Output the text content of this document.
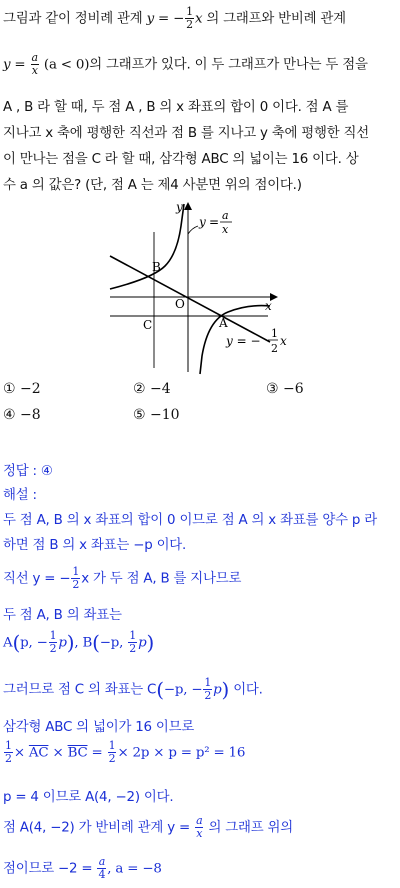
그림과 같이 정비례 관계 y = − $\frac{1}{2}$ x 의 그래프와 반비례 관계
$y = \frac{a}{x} (a < 0)$의 그래프가 있다. 이 두 그래프가 만나는 두 점을
A , B 라 할 때, 두 점 A , B 의 x 좌표의 합이 0 이다. 점 A 를
지나고 x 축에 평행한 직선과 점 B 를 지나고 y 축에 평행한 직선
이 만나는 점을 C 라 할 때, 삼각형 ABC 의 넓이는 16 이다. 상
수 a 의 값은? (단, 점 A 는 제4 사분면 위의 점이다.)
y
x
O
B
C	A
y = a
x
y = −
1
2
x
① −2	② −4	③ −6
④ −8	⑤ −10
정답 : ④
해설 :
두 점 A, B 의 x 좌표의 합이 0 이므로 점 A 의 x 좌표를 양수 p 라
하면 점 B 의 x 좌표는 −p 이다.
직선 y = − $\frac{1}{2}$ x 가 두 점 A, B 를 지나므로
두 점 A, B 의 좌표는
A(p, − $\frac{1}{2} p$), B(−p, $\frac{1}{2} p$)
그러므로 점 C 의 좌표는 C(−p, − $\frac{1}{2} p$) 이다.
삼각형 ABC 의 넓이가 16 이므로
$\frac{1}{2} \times \overline{AC} \times \overline{BC} = \frac{1}{2} \times 2p \times p = p^2 = 16$
p = 4 이므로 A(4, −2) 이다.
점 A(4, −2) 가 반비례 관계 $y = \frac{a}{x}$ 의 그래프 위의
점이므로 $-2 = \frac{a}{4}$ , a = −8
